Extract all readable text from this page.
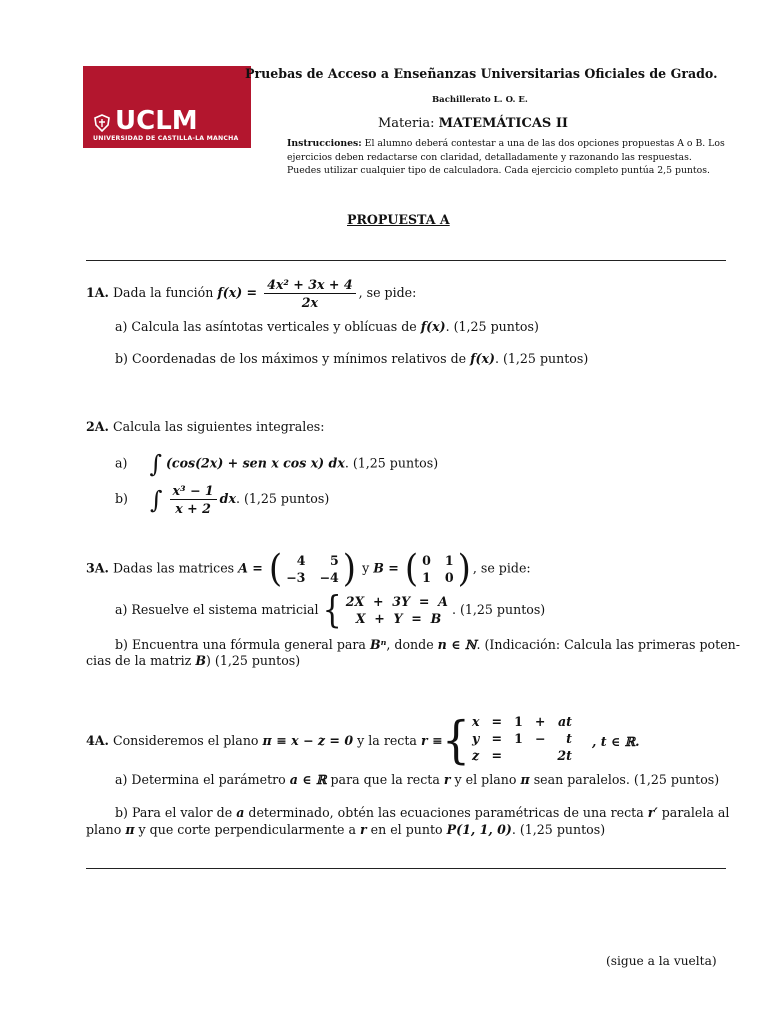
UCLM
UNIVERSIDAD DE CASTILLA-LA MANCHA
Pruebas de Acceso a Enseñanzas Universitarias Oficiales de Grado.
Bachillerato L. O. E.
Materia: MATEMÁTICAS II
Instrucciones: El alumno deberá contestar a una de las dos opciones propuestas A o B. Los ejercicios deben redactarse con claridad, detalladamente y razonando las respuestas. Puedes utilizar cualquier tipo de calculadora. Cada ejercicio completo puntúa 2,5 puntos.
PROPUESTA A
1A. Dada la función $f(x) = \frac{\text{4x² + 3x + 4}}{2x}$ , se pide:
a) Calcula las asíntotas verticales y oblícuas de f(x). (1,25 puntos)
b) Coordenadas de los máximos y mínimos relativos de f(x). (1,25 puntos)
2A. Calcula las siguientes integrales:
a) ∫ (cos(2x) + sen x cos x) dx. (1,25 puntos)
b) ∫ $\frac{\text{x³ − 1}}{x + 2}$ dx. (1,25 puntos)
3A. Dadas las matrices A = (	4	5
−3 −4 ) y B = ( 0 1
1 0 ) , se pide:
a) Resuelve el sistema matricial { 2X  +  3Y  =  A
X  +  Y  =  B
. (1,25 puntos)
b) Encuentra una fórmula general para Bⁿ, donde n ∈ ℕ. (Indicación: Calcula las primeras poten-
cias de la matriz B) (1,25 puntos)
4A. Consideremos el plano π ≡ x − z = 0 y la recta r ≡ { x	=	1	+	at
y	=	1	−	t
z	=			2t
, t ∈ ℝ.
a) Determina el parámetro a ∈ ℝ para que la recta r y el plano π sean paralelos. (1,25 puntos)
b) Para el valor de a determinado, obtén las ecuaciones paramétricas de una recta r′ paralela al
plano π y que corte perpendicularmente a r en el punto P(1, 1, 0). (1,25 puntos)
(sigue a la vuelta)
